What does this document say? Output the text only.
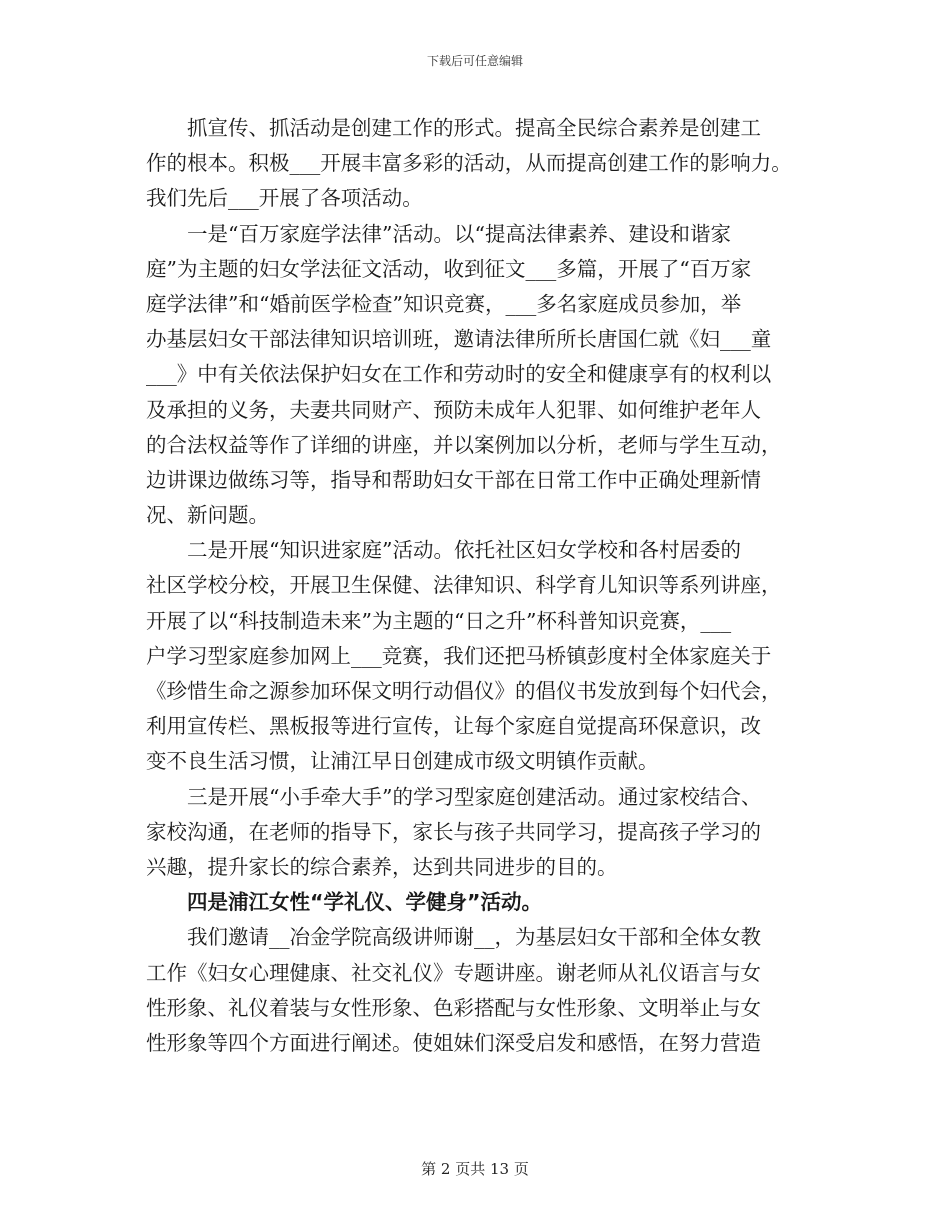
下载后可任意编辑
抓宣传、抓活动是创建工作的形式。提高全民综合素养是创建工
作的根本。积极___开展丰富多彩的活动，从而提高创建工作的影响力。
我们先后___开展了各项活动。
一是“百万家庭学法律”活动。以“提高法律素养、建设和谐家
庭”为主题的妇女学法征文活动，收到征文___多篇，开展了“百万家
庭学法律”和“婚前医学检查”知识竞赛，___多名家庭成员参加，举
办基层妇女干部法律知识培训班，邀请法律所所长唐国仁就《妇___童
___》中有关依法保护妇女在工作和劳动时的安全和健康享有的权利以
及承担的义务，夫妻共同财产、预防未成年人犯罪、如何维护老年人
的合法权益等作了详细的讲座，并以案例加以分析，老师与学生互动，
边讲课边做练习等，指导和帮助妇女干部在日常工作中正确处理新情
况、新问题。
二是开展“知识进家庭”活动。依托社区妇女学校和各村居委的
社区学校分校，开展卫生保健、法律知识、科学育儿知识等系列讲座，
开展了以“科技制造未来”为主题的“日之升”杯科普知识竞赛，___
户学习型家庭参加网上___竞赛，我们还把马桥镇彭度村全体家庭关于
《珍惜生命之源参加环保文明行动倡仪》的倡仪书发放到每个妇代会，
利用宣传栏、黑板报等进行宣传，让每个家庭自觉提高环保意识，改
变不良生活习惯，让浦江早日创建成市级文明镇作贡献。
三是开展“小手牵大手”的学习型家庭创建活动。通过家校结合、
家校沟通，在老师的指导下，家长与孩子共同学习，提高孩子学习的
兴趣，提升家长的综合素养，达到共同进步的目的。
四是浦江女性“学礼仪、学健身”活动。
我们邀请__冶金学院高级讲师谢__，为基层妇女干部和全体女教
工作《妇女心理健康、社交礼仪》专题讲座。谢老师从礼仪语言与女
性形象、礼仪着装与女性形象、色彩搭配与女性形象、文明举止与女
性形象等四个方面进行阐述。使姐妹们深受启发和感悟，在努力营造
第 2 页共 13 页
